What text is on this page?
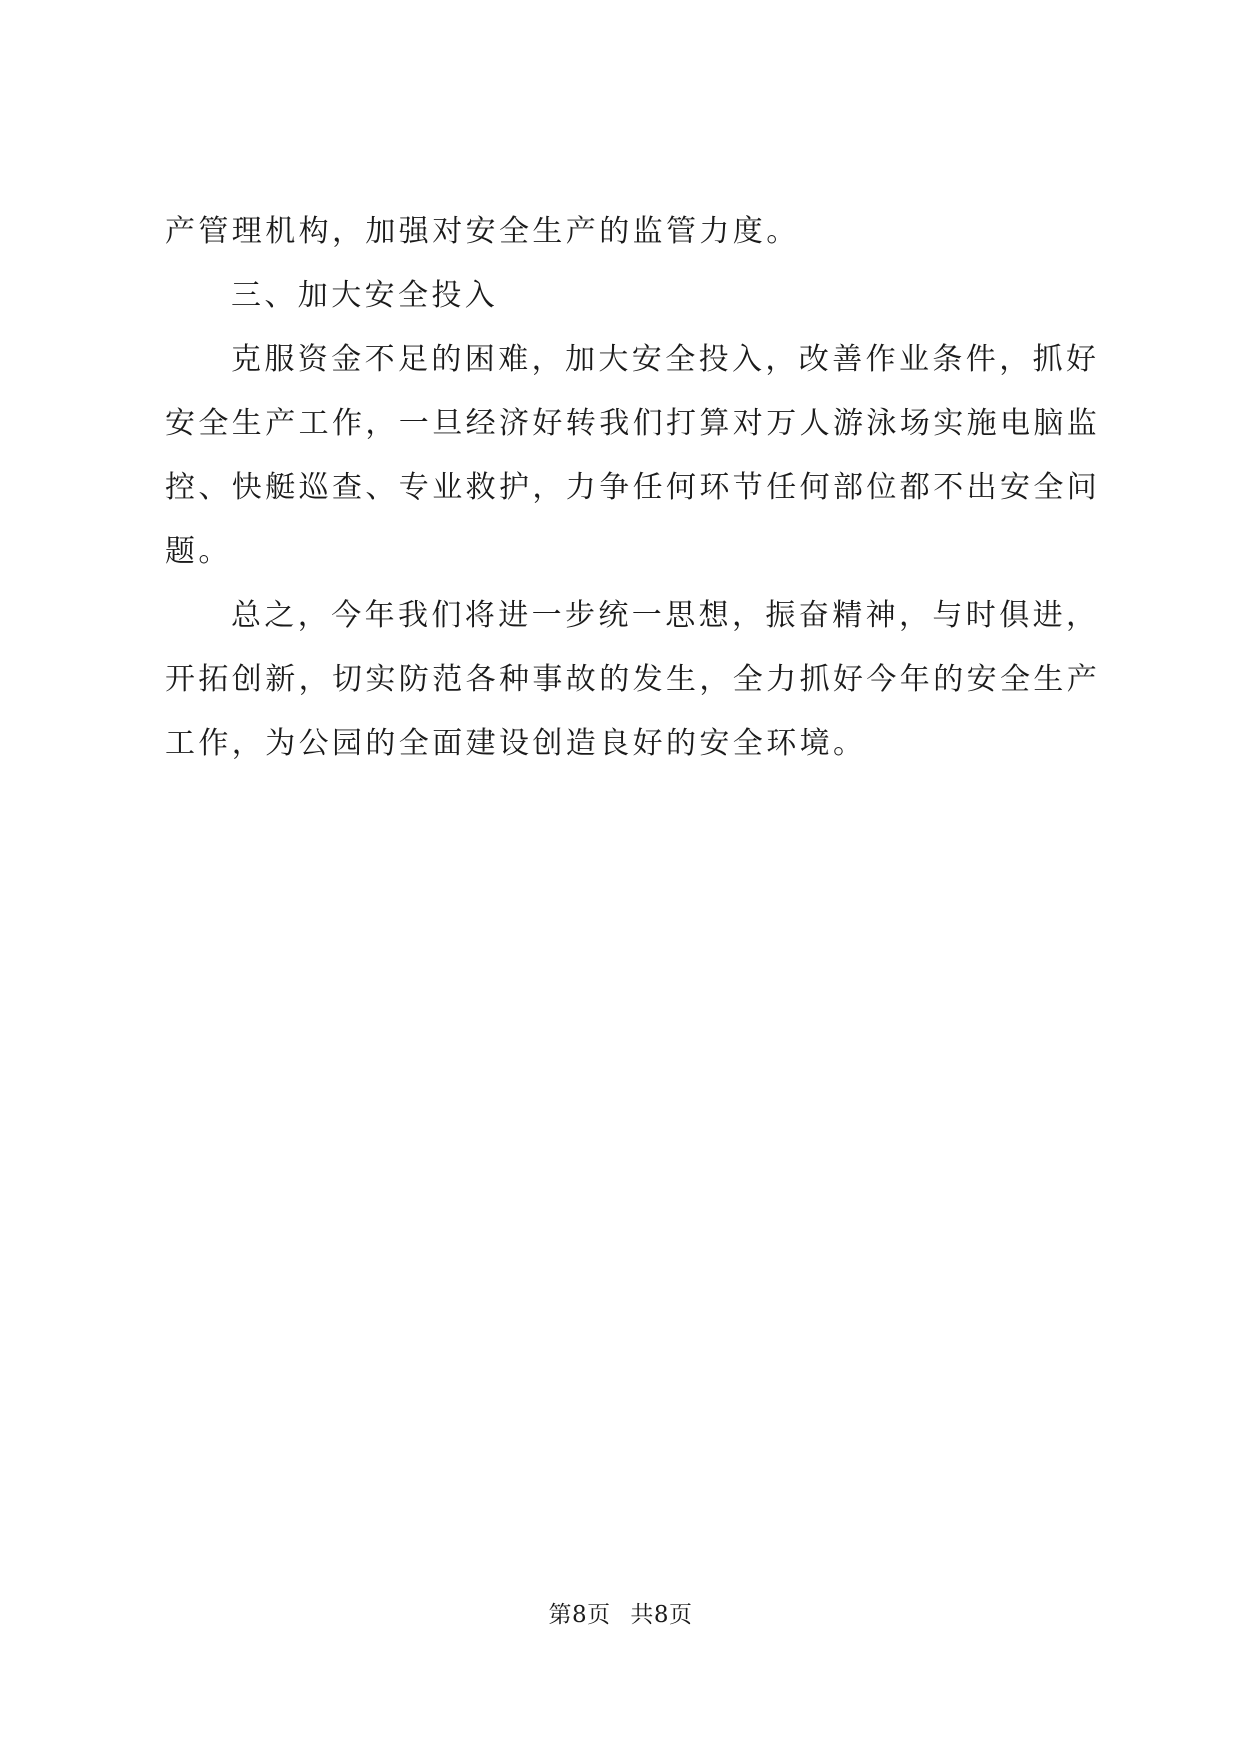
产管理机构，加强对安全生产的监管力度。
三、加大安全投入
克服资金不足的困难，加大安全投入，改善作业条件，抓好
安全生产工作，一旦经济好转我们打算对万人游泳场实施电脑监
控、快艇巡查、专业救护，力争任何环节任何部位都不出安全问
题。
总之，今年我们将进一步统一思想，振奋精神，与时俱进，
开拓创新，切实防范各种事故的发生，全力抓好今年的安全生产
工作，为公园的全面建设创造良好的安全环境。
第8页 共8页
